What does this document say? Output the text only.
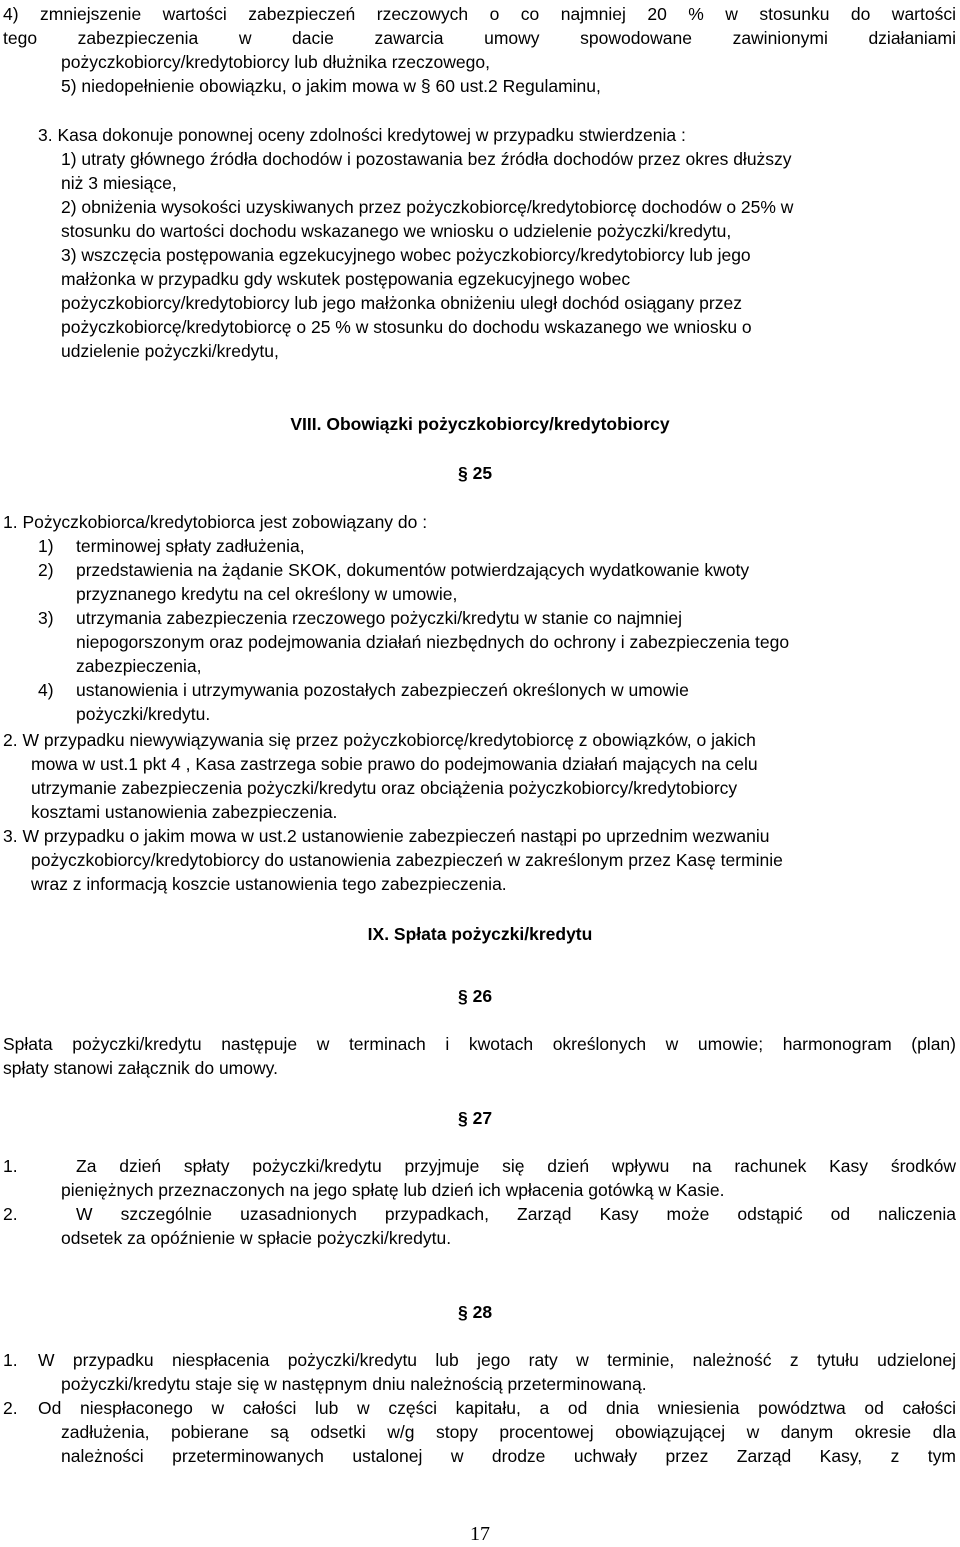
4) zmniejszenie wartości zabezpieczeń rzeczowych o co najmniej 20 % w stosunku do wartości
tego zabezpieczenia w dacie zawarcia umowy spowodowane zawinionymi działaniami
pożyczkobiorcy/kredytobiorcy lub dłużnika rzeczowego,
5) niedopełnienie obowiązku, o jakim mowa w § 60 ust.2 Regulaminu,
3. Kasa dokonuje ponownej oceny zdolności kredytowej w przypadku stwierdzenia :
1) utraty głównego źródła dochodów i pozostawania bez źródła dochodów przez okres dłuższy
niż 3 miesiące,
2) obniżenia wysokości uzyskiwanych przez pożyczkobiorcę/kredytobiorcę dochodów o 25% w
stosunku do wartości dochodu wskazanego we wniosku o udzielenie pożyczki/kredytu,
3) wszczęcia postępowania egzekucyjnego wobec pożyczkobiorcy/kredytobiorcy lub jego
małżonka w przypadku gdy wskutek postępowania egzekucyjnego wobec
pożyczkobiorcy/kredytobiorcy lub jego małżonka obniżeniu uległ dochód osiągany przez
pożyczkobiorcę/kredytobiorcę o 25 % w stosunku do dochodu wskazanego we wniosku o
udzielenie pożyczki/kredytu,
VIII. Obowiązki pożyczkobiorcy/kredytobiorcy
§ 25
1. Pożyczkobiorca/kredytobiorca jest zobowiązany do :
1) terminowej spłaty zadłużenia,
2) przedstawienia na żądanie SKOK, dokumentów potwierdzających wydatkowanie kwoty
przyznanego kredytu na cel określony w umowie,
3) utrzymania zabezpieczenia rzeczowego pożyczki/kredytu w stanie co najmniej
niepogorszonym oraz podejmowania działań niezbędnych do ochrony i zabezpieczenia tego
zabezpieczenia,
4) ustanowienia i utrzymywania pozostałych zabezpieczeń określonych w umowie
pożyczki/kredytu.
2. W przypadku niewywiązywania się przez pożyczkobiorcę/kredytobiorcę z obowiązków, o jakich
mowa w ust.1 pkt 4 , Kasa zastrzega sobie prawo do podejmowania działań mających na celu
utrzymanie zabezpieczenia pożyczki/kredytu oraz obciążenia pożyczkobiorcy/kredytobiorcy
kosztami ustanowienia zabezpieczenia.
3. W przypadku o jakim mowa w ust.2 ustanowienie zabezpieczeń nastąpi po uprzednim wezwaniu
pożyczkobiorcy/kredytobiorcy do ustanowienia zabezpieczeń w zakreślonym przez Kasę terminie
wraz z informacją koszcie ustanowienia tego zabezpieczenia.
IX. Spłata pożyczki/kredytu
§ 26
Spłata pożyczki/kredytu następuje w terminach i kwotach określonych w umowie; harmonogram (plan)
spłaty stanowi załącznik do umowy.
§ 27
1.	Za dzień spłaty pożyczki/kredytu przyjmuje się dzień wpływu na rachunek Kasy środków
pieniężnych przeznaczonych na jego spłatę lub dzień ich wpłacenia gotówką w Kasie.
2.	W szczególnie uzasadnionych przypadkach, Zarząd Kasy może odstąpić od naliczenia
odsetek za opóźnienie w spłacie pożyczki/kredytu.
§ 28
1. W przypadku niespłacenia pożyczki/kredytu lub jego raty w terminie, należność z tytułu udzielonej
pożyczki/kredytu staje się w następnym dniu należnością przeterminowaną.
2. Od niespłaconego w całości lub w części kapitału, a od dnia wniesienia powództwa od całości
zadłużenia, pobierane są odsetki w/g stopy procentowej obowiązującej w danym okresie dla
należności przeterminowanych ustalonej w drodze uchwały przez Zarząd Kasy, z tym
17
